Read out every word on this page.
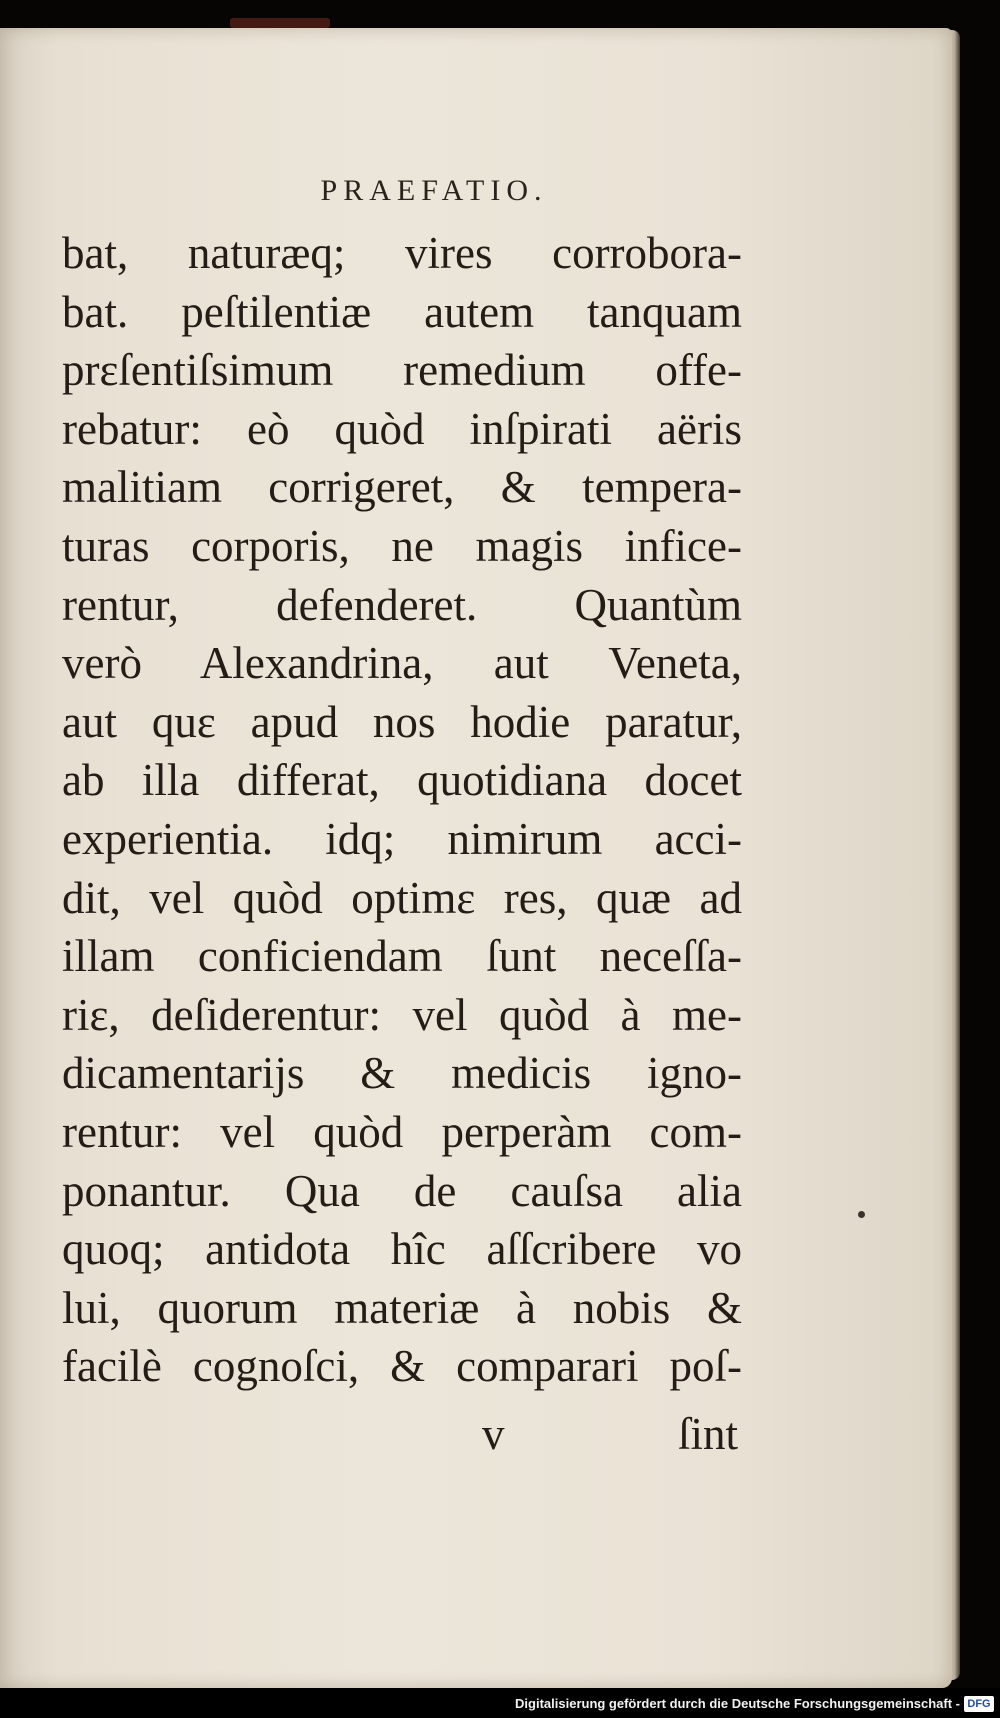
PRAEFATIO.
bat, naturæq; vires corrobora-
bat. peſtilentiæ autem tanquam
prεſentiſsimum remedium offe-
rebatur: eò quòd inſpirati aëris
malitiam corrigeret, & tempera-
turas corporis, ne magis infice-
rentur, defenderet. Quantùm
verò Alexandrina, aut Veneta,
aut quε apud nos hodie paratur,
ab illa differat, quotidiana docet
experientia. idq; nimirum acci-
dit, vel quòd optimε res, quæ ad
illam conficiendam ſunt neceſſa-
riε, deſiderentur: vel quòd à me-
dicamentarijs & medicis igno-
rentur: vel quòd perperàm com-
ponantur. Qua de cauſsa alia
quoq; antidota hîc aſſcribere vo
lui, quorum materiæ à nobis &
facilè cognoſci, & comparari poſ-
v	ſint
Digitalisierung gefördert durch die Deutsche Forschungsgemeinschaft - DFG
